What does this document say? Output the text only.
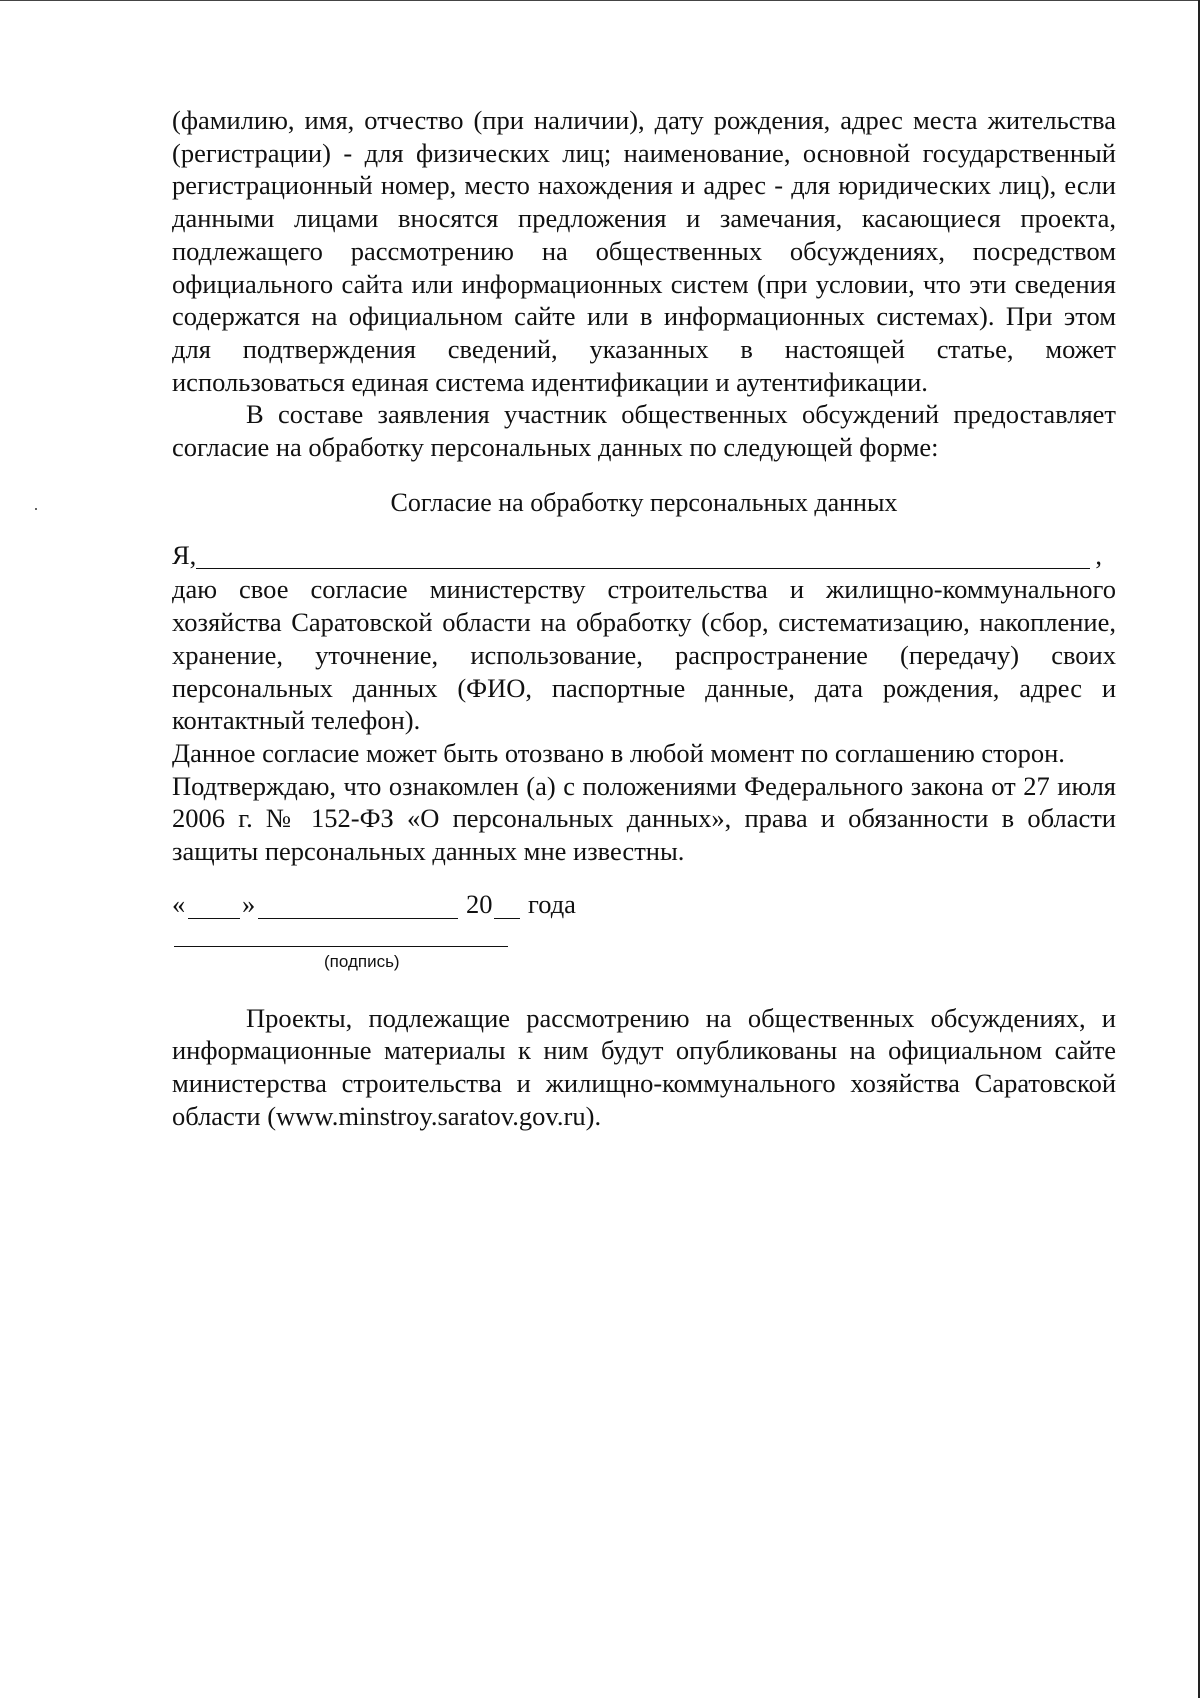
(фамилию, имя, отчество (при наличии), дату рождения, адрес места жительства (регистрации) - для физических лиц; наименование, основной государственный регистрационный номер, место нахождения и адрес - для юридических лиц), если данными лицами вносятся предложения и замечания, касающиеся проекта, подлежащего рассмотрению на общественных обсуждениях, посредством официального сайта или информационных систем (при условии, что эти сведения содержатся на официальном сайте или в информационных системах). При этом для подтверждения сведений, указанных в настоящей статье, может использоваться единая система идентификации и аутентификации.

В составе заявления участник общественных обсуждений предоставляет согласие на обработку персональных данных по следующей форме:

Согласие на обработку персональных данных

Я,	,

даю свое согласие министерству строительства и жилищно-коммунального хозяйства Саратовской области на обработку (сбор, систематизацию, накопление, хранение, уточнение, использование, распространение (передачу) своих персональных данных (ФИО, паспортные данные, дата рождения, адрес и контактный телефон).

Данное согласие может быть отозвано в любой момент по соглашению сторон.

Подтверждаю, что ознакомлен (а) с положениями Федерального закона от 27 июля 2006 г. № 152-ФЗ «О персональных данных», права и обязанности в области защиты персональных данных мне известны.

« »	20 года
(подпись)

Проекты, подлежащие рассмотрению на общественных обсуждениях, и информационные материалы к ним будут опубликованы на официальном сайте министерства строительства и жилищно-коммунального хозяйства Саратовской области (www.minstroy.saratov.gov.ru).
